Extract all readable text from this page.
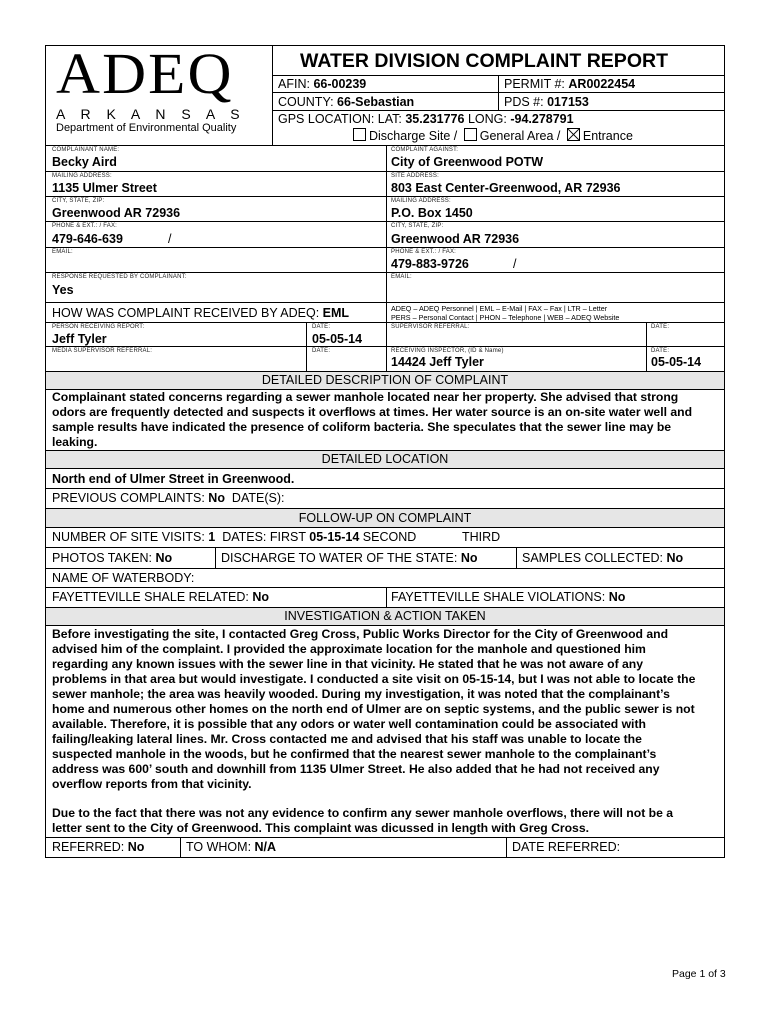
ADEQ
A R K A N S A S
Department of Environmental Quality
WATER DIVISION COMPLAINT REPORT
AFIN: 66-00239	PERMIT #: AR0022454
COUNTY: 66-Sebastian	PDS #: 017153
GPS LOCATION: LAT: 35.231776 LONG: -94.278791
Discharge Site / General Area / Entrance
COMPLAINANT NAME:
Becky Aird
MAILING ADDRESS:
1135 Ulmer Street
CITY, STATE, ZIP:
Greenwood AR 72936
PHONE & EXT.: / FAX:
479-646-639	/
EMAIL:
RESPONSE REQUESTED BY COMPLAINANT:
Yes
COMPLAINT AGAINST:
City of Greenwood POTW
SITE ADDRESS:
803 East Center-Greenwood, AR 72936
MAILING ADDRESS:
P.O. Box 1450
CITY, STATE, ZIP:
Greenwood AR 72936
PHONE & EXT.: / FAX:
479-883-9726	/
EMAIL:
HOW WAS COMPLAINT RECEIVED BY ADEQ: EML	ADEQ – ADEQ Personnel | EML – E-Mail | FAX – Fax | LTR – Letter
PERS – Personal Contact | PHON – Telephone | WEB – ADEQ Website
PERSON RECEIVING REPORT:
Jeff Tyler
DATE:
05-05-14
SUPERVISOR REFERRAL:	DATE:
MEDIA SUPERVISOR REFERRAL:	DATE:	RECEIVING INSPECTOR, (ID & Name)
14424 Jeff Tyler
DATE:
05-05-14
DETAILED DESCRIPTION OF COMPLAINT
Complainant stated concerns regarding a sewer manhole located near her property. She advised that strong
odors are frequently detected and suspects it overflows at times. Her water source is an on-site water well and
sample results have indicated the presence of coliform bacteria. She speculates that the sewer line may be
leaking.
DETAILED LOCATION
North end of Ulmer Street in Greenwood.
PREVIOUS COMPLAINTS: No DATE(S):
FOLLOW-UP ON COMPLAINT
NUMBER OF SITE VISITS: 1 DATES: FIRST 05-15-14 SECOND	THIRD
PHOTOS TAKEN: No	DISCHARGE TO WATER OF THE STATE: No	SAMPLES COLLECTED: No
NAME OF WATERBODY:
FAYETTEVILLE SHALE RELATED: No	FAYETTEVILLE SHALE VIOLATIONS: No
INVESTIGATION & ACTION TAKEN
Before investigating the site, I contacted Greg Cross, Public Works Director for the City of Greenwood and
advised him of the complaint. I provided the approximate location for the manhole and questioned him
regarding any known issues with the sewer line in that vicinity. He stated that he was not aware of any
problems in that area but would investigate. I conducted a site visit on 05-15-14, but I was not able to locate the
sewer manhole; the area was heavily wooded. During my investigation, it was noted that the complainant’s
home and numerous other homes on the north end of Ulmer are on septic systems, and the public sewer is not
available. Therefore, it is possible that any odors or water well contamination could be associated with
failing/leaking lateral lines. Mr. Cross contacted me and advised that his staff was unable to locate the
suspected manhole in the woods, but he confirmed that the nearest sewer manhole to the complainant’s
address was 600’ south and downhill from 1135 Ulmer Street. He also added that he had not received any
overflow reports from that vicinity.
Due to the fact that there was not any evidence to confirm any sewer manhole overflows, there will not be a
letter sent to the City of Greenwood. This complaint was dicussed in length with Greg Cross.
REFERRED: No	TO WHOM: N/A	DATE REFERRED:
Page 1 of 3
